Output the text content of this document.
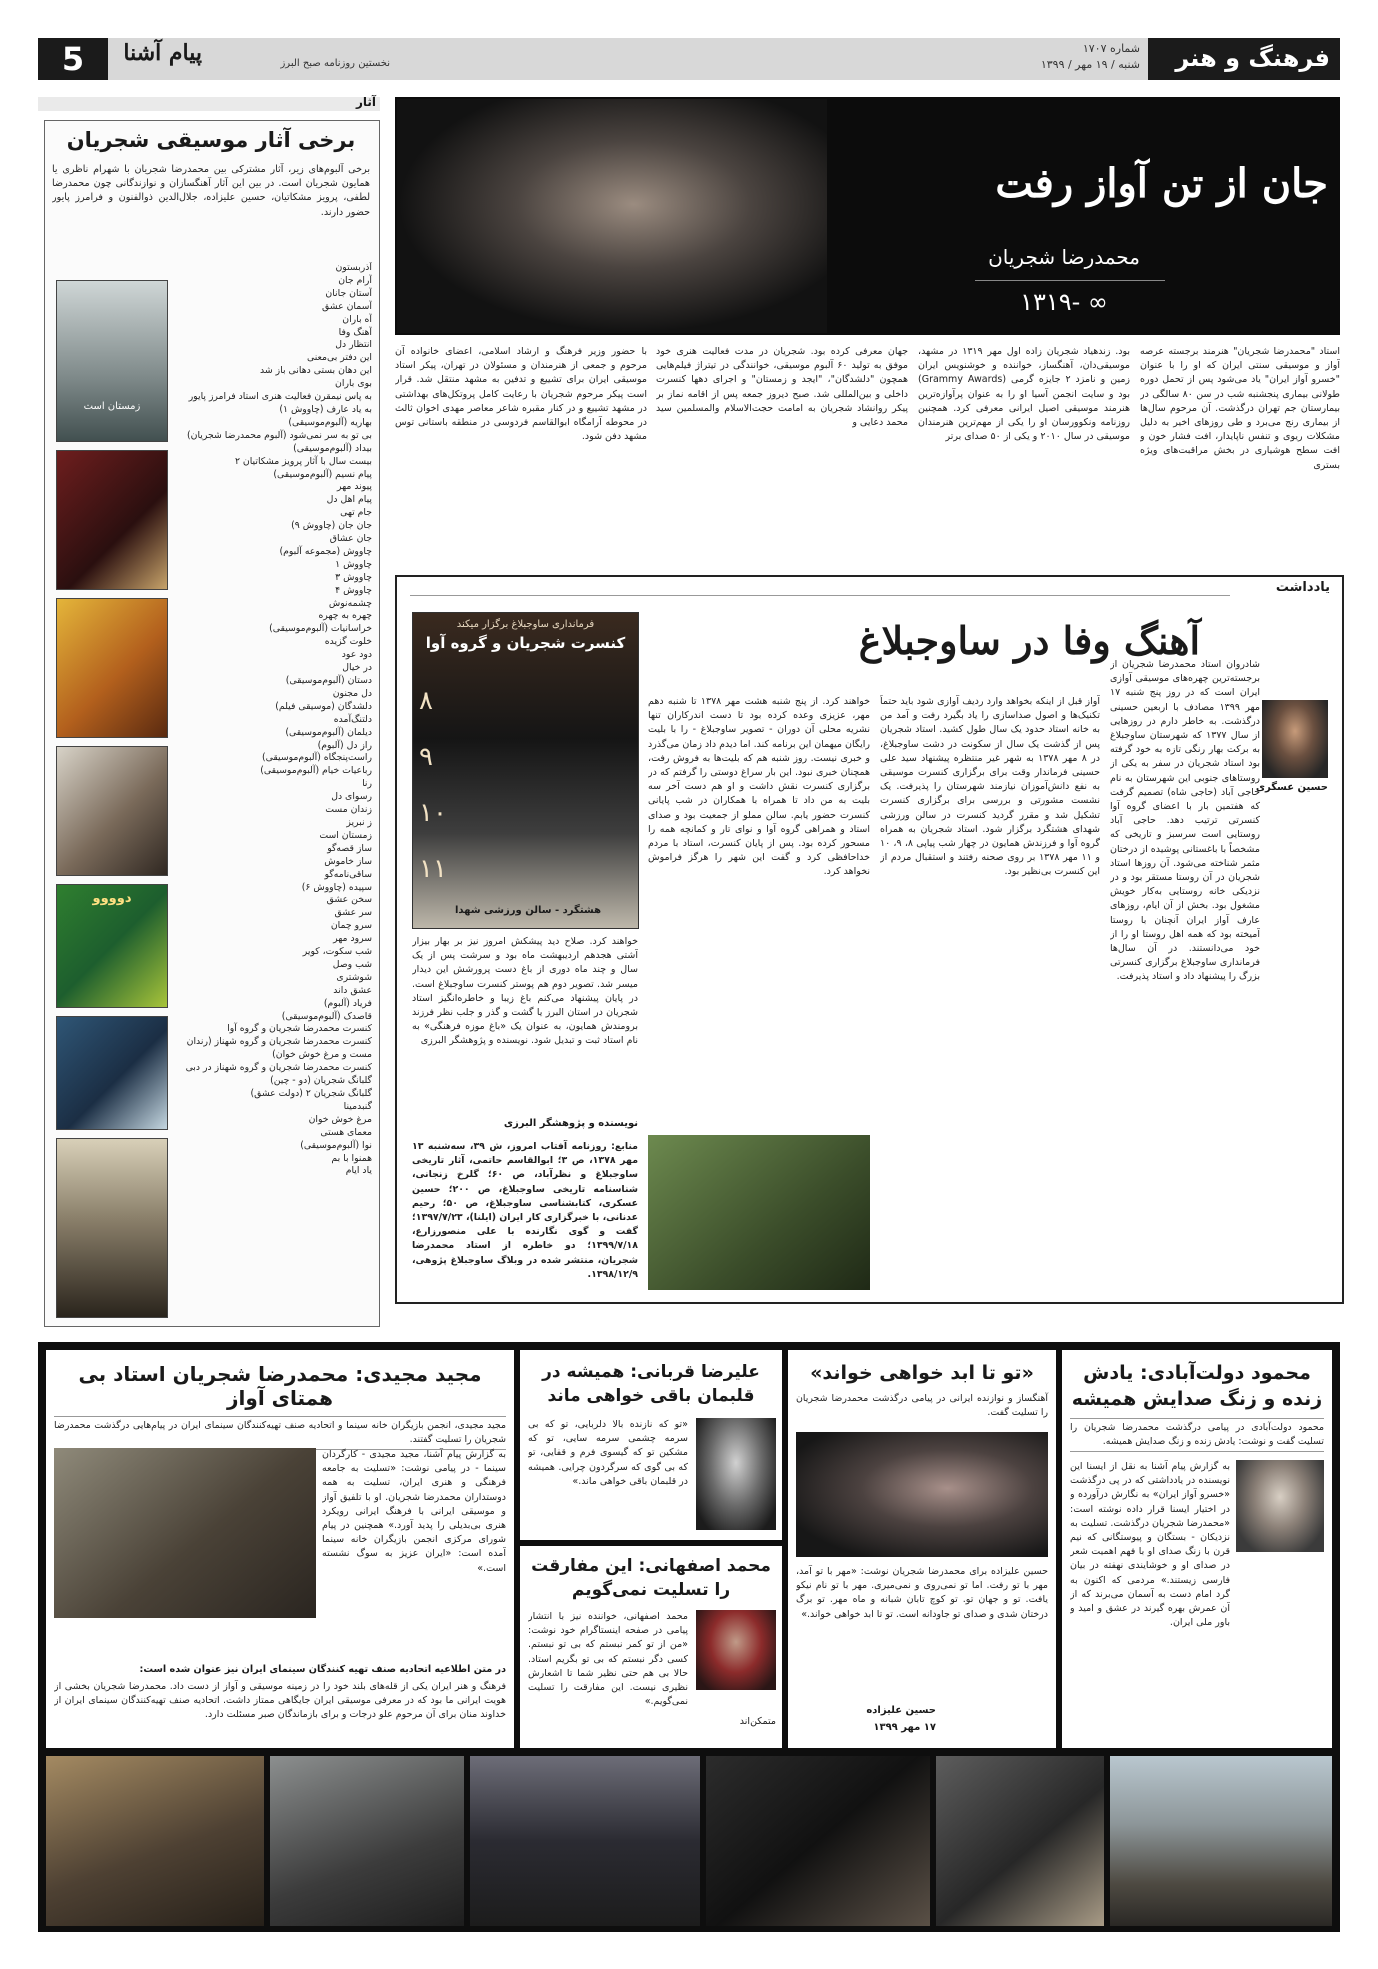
فرهنگ و هنر
شماره ۱۷۰۷
شنبه / ۱۹ مهر / ۱۳۹۹
5	پیام آشنا	نخستین روزنامه صبح البرز
جان از تن آواز رفت
محمدرضا شجریان
۱۳۱۹- ∞
استاد "محمدرضا شجریان" هنرمند برجسته عرصه آواز و موسیقی سنتی ایران که او را با عنوان "خسرو آواز ایران" یاد می‌شود پس از تحمل دوره طولانی بیماری پنجشنبه شب در سن ۸۰ سالگی در بیمارستان جم تهران درگذشت. آن مرحوم سال‌ها از بیماری رنج می‌برد و طی روزهای اخیر به دلیل مشکلات ریوی و تنفس ناپایدار، افت فشار خون و افت سطح هوشیاری در بخش مراقبت‌های ویژه بستری
بود. زندهیاد شجریان زاده اول مهر ۱۳۱۹ در مشهد، موسیقی‌دان، آهنگساز، خواننده و خوشنویس ایران زمین و نامزد ۲ جایزه گرمی (Grammy Awards) بود و سایت انجمن آسیا او را به عنوان پرآوازه‌ترین هنرمند موسیقی اصیل ایرانی معرفی کرد. همچنین روزنامه ونکوورسان او را یکی از مهم‌ترین هنرمندان موسیقی در سال ۲۰۱۰ و یکی از ۵۰ صدای برتر
جهان معرفی کرده بود. شجریان در مدت فعالیت هنری خود موفق به تولید ۶۰ آلبوم موسیقی، خوانندگی در تیتراژ فیلم‌هایی همچون "دلشدگان"، "ایجد و زمستان" و اجرای دهها کنسرت داخلی و بین‌المللی شد. صبح دیروز جمعه پس از اقامه نماز بر پیکر روانشاد شجریان به امامت حجت‌الاسلام والمسلمین سید محمد دعایی و
با حضور وزیر فرهنگ و ارشاد اسلامی، اعضای خانواده آن مرحوم و جمعی از هنرمندان و مسئولان در تهران، پیکر استاد موسیقی ایران برای تشییع و تدفین به مشهد منتقل شد. قرار است پیکر مرحوم شجریان با رعایت کامل پروتکل‌های بهداشتی در مشهد تشییع و در کنار مقبره شاعر معاصر مهدی اخوان ثالث در محوطه آرامگاه ابوالقاسم فردوسی در منطقه باستانی توس مشهد دفن شود.
آثار
برخی آثار موسیقی شجریان
برخی آلبوم‌های زیر، آثار مشترکی بین محمدرضا شجریان با شهرام ناظری یا همایون شجریان است. در بین این آثار آهنگسازان و نوازندگانی چون محمدرضا لطفی، پرویز مشکاتیان، حسین علیزاده، جلال‌الدین ذوالفنون و فرامرز پایور حضور دارند.
زمستان است
دوووو
آذربستون
آرام جان
آستان جانان
آسمان عشق
آه باران
آهنگ وفا
انتظار دل
این دفتر بی‌معنی
این دهان بستی دهانی باز شد
بوی باران
به پاس نیمقرن فعالیت هنری استاد فرامرز پایور
به یاد عارف (چاووش ۱)
بهاریه (آلبوم‌موسیقی)
بی تو به سر نمی‌شود (آلبوم محمدرضا شجریان)
بیداد (آلبوم‌موسیقی)
بیست سال با آثار پرویز مشکاتیان ۲
پیام نسیم (آلبوم‌موسیقی)
پیوند مهر
پیام اهل دل
جام تهی
جان جان (چاووش ۹)
جان عشاق
چاووش (مجموعه آلبوم)
چاووش ۱
چاووش ۳
چاووش ۴
چشمه‌نوش
چهره به چهره
خراسانیات (آلبوم‌موسیقی)
خلوت گزیده
دود عود
در خیال
دستان (آلبوم‌موسیقی)
دل مجنون
دلشدگان (موسیقی فیلم)
دلتنگ‌آمده
دیلمان (آلبوم‌موسیقی)
راز دل (آلبوم)
راست‌پنجگاه (آلبوم‌موسیقی)
رباعیات خیام (آلبوم‌موسیقی)
رنا
رسوای دل
زندان مست
ز نبریز
زمستان است
ساز قصه‌گو
ساز خاموش
ساقی‌نامه‌گو
سپیده (چاووش ۶)
سخن عشق
سر عشق
سرو چمان
سرود مهر
شب سکوت، کویر
شب وصل
شوشتری
عشق داند
فریاد (آلبوم)
قاصدک (آلبوم‌موسیقی)
کنسرت محمدرضا شجریان و گروه آوا
کنسرت محمدرضا شجریان و گروه شهناز (رندان مست و مرغ خوش خوان)
کنسرت محمدرضا شجریان و گروه شهناز در دبی
گلبانگ شجریان (دو - چین)
گلبانگ شجریان ۲ (دولت عشق)
گنبدمینا
مرغ خوش خوان
معمای هستی
نوا (آلبوم‌موسیقی)
همنوا با بم
یاد ایام
یادداشت
آهنگ وفا در ساوجبلاغ
حسین عسگری
شادروان استاد محمدرضا شجریان از برجسته‌ترین چهره‌های موسیقی آوازی ایران است که در روز پنج شنبه ۱۷ مهر ۱۳۹۹ مصادف با اربعین حسینی درگذشت. به خاطر دارم در روزهایی از سال ۱۳۷۷ که شهرستان ساوجبلاغ به برکت بهار رنگی تازه به خود گرفته بود استاد شجریان در سفر به یکی از روستاهای جنوبی این شهرستان به نام حاجی آباد (حاجی شاه) تصمیم گرفت که هفتمین بار با اعضای گروه آوا کنسرتی ترتیب دهد. حاجی آباد روستایی است سرسبز و تاریخی که مشخصاً با باغستانی پوشیده از درختان مثمر شناخته می‌شود. آن روزها استاد شجریان در آن روستا مستقر بود و در نزدیکی خانه روستایی به‌کار خویش مشغول بود. بخش از آن ایام، روزهای عارف آواز ایران آنچنان با روستا آمیخته بود که همه اهل روستا او را از خود می‌دانستند. در آن سال‌ها فرمانداری ساوجبلاغ برگزاری کنسرتی بزرگ را پیشنهاد داد و استاد پذیرفت.
آواز قبل از اینکه بخواهد وارد ردیف آوازی شود باید حتماً تکنیک‌ها و اصول صداسازی را یاد بگیرد رفت و آمد من به خانه استاد حدود یک سال طول کشید. استاد شجریان پس از گذشت یک سال از سکونت در دشت ساوجبلاغ، در ۸ مهر ۱۳۷۸ به شهر غیر منتظره پیشنهاد سید علی حسینی فرماندار وقت برای برگزاری کنسرت موسیقی به نفع دانش‌آموزان نیازمند شهرستان را پذیرفت. یک نشست مشورتی و بررسی برای برگزاری کنسرت تشکیل شد و مقرر گردید کنسرت در سالن ورزشی شهدای هشتگرد برگزار شود. استاد شجریان به همراه گروه آوا و فرزندش همایون در چهار شب پیاپی ۸، ۹، ۱۰ و ۱۱ مهر ۱۳۷۸ بر روی صحنه رفتند و استقبال مردم از این کنسرت بی‌نظیر بود.
خواهند کرد. از پنج شنبه هشت مهر ۱۳۷۸ تا شنبه دهم مهر، عزیزی وعده کرده بود تا دست اندرکاران تنها نشریه محلی آن دوران - تصویر ساوجبلاغ - را با بلیت رایگان میهمان این برنامه کند. اما دیدم داد زمان می‌گذرد و خبری نیست. روز شنبه هم که بلیت‌ها به فروش رفت، همچنان خبری نبود. این بار سراغ دوستی را گرفتم که در برگزاری کنسرت نقش داشت و او هم دست آخر سه بلیت به من داد تا همراه با همکاران در شب پایانی کنسرت حضور یابم. سالن مملو از جمعیت بود و صدای استاد و همراهی گروه آوا و نوای تار و کمانچه همه را مسحور کرده بود. پس از پایان کنسرت، استاد با مردم خداحافظی کرد و گفت این شهر را هرگز فراموش نخواهد کرد.
خواهند کرد. صلاح دید پیشکش امروز نیز بر بهار بیزار آشتی هجدهم اردیبهشت ماه بود و سرشت پس از یک سال و چند ماه دوری از باغ دست پرورشش این دیدار میسر شد. تصویر دوم هم پوستر کنسرت ساوجبلاغ است. در پایان پیشنهاد می‌کنم باغ زیبا و خاطره‌انگیز استاد شجریان در استان البرز یا گشت و گذر و جلب نظر فرزند برومندش همایون، به عنوان یک «باغ موزه فرهنگی» به نام استاد ثبت و تبدیل شود. نویسنده و پژوهشگر البرزی
نویسنده و پژوهشگر البرزی
منابع: روزنامه آفتاب امروز، ش ۳۹، سه‌شنبه ۱۳ مهر ۱۳۷۸، ص ۳؛ ابوالقاسم حاتمی، آثار تاریخی ساوجبلاغ و نظرآباد، ص ۶۰؛ گلرخ زنجانی، شناسنامه تاریخی ساوجبلاغ، ص ۲۰۰؛ حسین عسکری، کتابشناسی ساوجبلاغ، ص ۵۰؛ رحیم عدنانی، با خبرگزاری کار ایران (ایلنا)، ۱۳۹۷/۷/۲۳؛ گفت و گوی نگارنده با علی منصورزارع، ۱۳۹۹/۷/۱۸؛ دو خاطره از استاد محمدرضا شجریان، منتشر شده در وبلاگ ساوجبلاغ پژوهی، ۱۳۹۸/۱۲/۹.
فرمانداری ساوجبلاغ برگزار میکند
کنسرت شجریان و گروه آوا
۸ ۹ ۱۰ ۱۱
هشتگرد - سالن ورزشی شهدا
محمود دولت‌آبادی: یادش زنده و زنگ صدایش همیشه
محمود دولت‌آبادی در پیامی درگذشت محمدرضا شجریان را تسلیت گفت و نوشت: یادش زنده و زنگ صدایش همیشه.
به گزارش پیام آشنا به نقل از ایسنا این نویسنده در یادداشتی که در پی درگذشت «خسرو آواز ایران» به نگارش درآورده و در اختیار ایسنا قرار داده نوشته است: «محمدرضا شجریان درگذشت. تسلیت به نزدیکان - بستگان و پیوستگانی که نیم قرن با زنگ صدای او با فهم اهمیت شعر در صدای او و خوشایندی نهفته در بیان فارسی زیستند.» مردمی که اکنون به گرد امام دست به آسمان می‌برند که از آن عمرش بهره گیرند در عشق و امید و باور ملی ایران.
«تو تا ابد خواهی خواند»
آهنگساز و نوازنده ایرانی در پیامی درگذشت محمدرضا شجریان را تسلیت گفت.
حسین علیزاده برای محمدرضا شجریان نوشت: «مهر با تو آمد، مهر با تو رفت. اما تو نمی‌روی و نمی‌میری. مهر با تو نام نیکو یافت. تو و جهان تو. تو کوچ تابان شبانه و ماه مهر. تو برگ درختان شدی و صدای تو جاودانه است. تو تا ابد خواهی خواند.»
حسین علیزاده
۱۷ مهر ۱۳۹۹
علیرضا قربانی: همیشه در قلبمان باقی خواهی ماند
«تو که نازنده بالا دلربایی، تو که بی سرمه چشمی سرمه سایی، تو که مشکین تو که گیسوی فرم و قفایی، تو که بی گوی که سرگردون چرایی. همیشه در قلبمان باقی خواهی ماند.»
محمد اصفهانی: این مفارقت را تسلیت نمی‌گویم
محمد اصفهانی، خواننده نیز با انتشار پیامی در صفحه اینستاگرام خود نوشت: «من از تو کمر نبستم که بی تو نبستم. کسی دگر نبستم که بی تو بگریم استاد. حالا بی هم حتی نظیر شما تا اشعارش نظیری نیست. این مفارقت را تسلیت نمی‌گویم.»
متمکن‌اند
مجید مجیدی: محمدرضا شجریان استاد بی همتای آواز
مجید مجیدی، انجمن بازیگران خانه سینما و اتحادیه صنف تهیه‌کنندگان سینمای ایران در پیام‌هایی درگذشت محمدرضا شجریان را تسلیت گفتند.
به گزارش پیام آشنا، مجید مجیدی - کارگردان سینما - در پیامی نوشت: «تسلیت به جامعه فرهنگی و هنری ایران، تسلیت به همه دوستداران محمدرضا شجریان. او با تلفیق آواز و موسیقی ایرانی با فرهنگ ایرانی رویکرد هنری بی‌بدیلی را پدید آورد.» همچنین در پیام شورای مرکزی انجمن بازیگران خانه سینما آمده است: «ایران عزیز به سوگ نشسته است.»
در متن اطلاعیه اتحادیه صنف تهیه کنندگان سینمای ایران نیز عنوان شده است:
فرهنگ و هنر ایران یکی از قله‌های بلند خود را در زمینه موسیقی و آواز از دست داد. محمدرضا شجریان بخشی از هویت ایرانی ما بود که در معرفی موسیقی ایران جایگاهی ممتاز داشت. اتحادیه صنف تهیه‌کنندگان سینمای ایران از خداوند منان برای آن مرحوم علو درجات و برای بازماندگان صبر مسئلت دارد.
